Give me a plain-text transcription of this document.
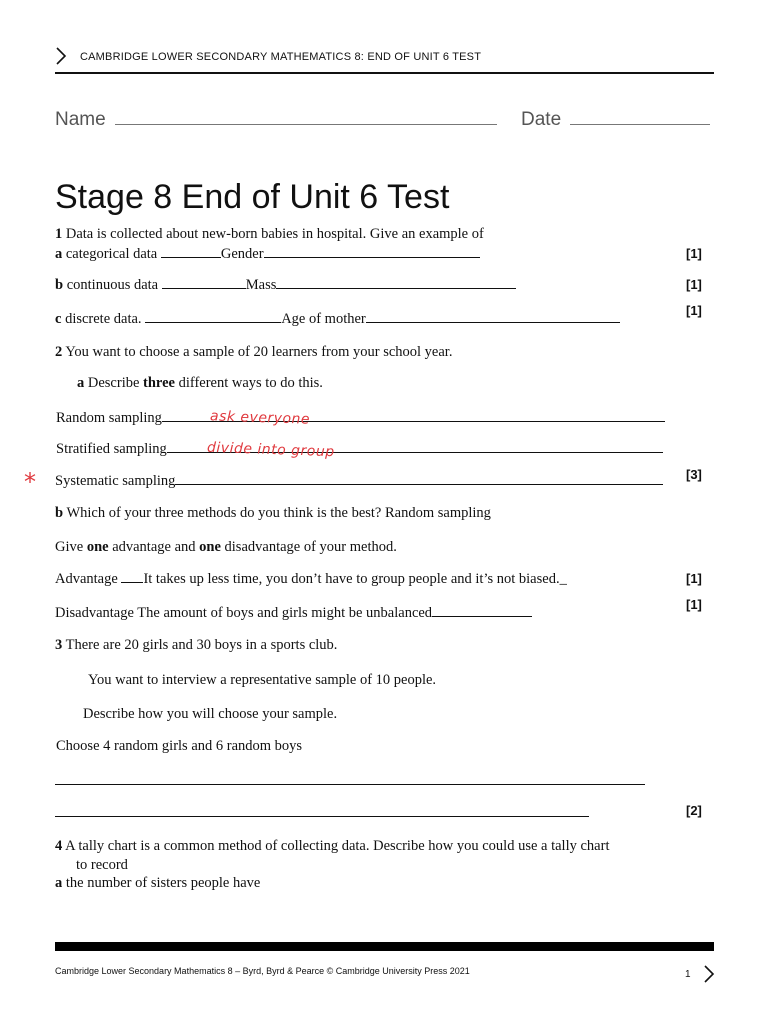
CAMBRIDGE LOWER SECONDARY MATHEMATICS 8: END OF UNIT 6 TEST
Name	Date
Stage 8 End of Unit 6 Test
1 Data is collected about new-born babies in hospital. Give an example of
a categorical data	Gender	[1]
b continuous data	Mass	[1]
c discrete data.	Age of mother
[1]
2 You want to choose a sample of 20 learners from your school year.
a Describe three different ways to do this.
Random sampling	ask everyone
Stratified sampling	divide into group
* Systematic sampling	[3]
b Which of your three methods do you think is the best? Random sampling
Give one advantage and one disadvantage of your method.
Advantage It takes up less time, you don’t have to group people and it’s not biased._	[1]
Disadvantage The amount of boys and girls might be unbalanced
[1]
3 There are 20 girls and 30 boys in a sports club.
You want to interview a representative sample of 10 people.
Describe how you will choose your sample.
Choose 4 random girls and 6 random boys
[2]
4 A tally chart is a common method of collecting data. Describe how you could use a tally chart
to record
a the number of sisters people have
Cambridge Lower Secondary Mathematics 8 – Byrd, Byrd & Pearce © Cambridge University Press 2021	1
